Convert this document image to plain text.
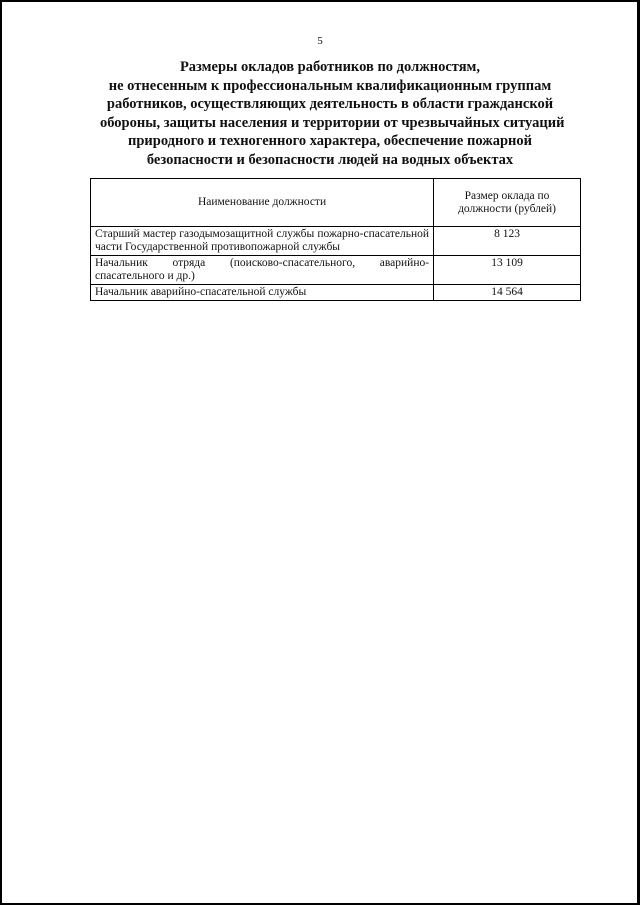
5
Размеры окладов работников по должностям,
не отнесенным к профессиональным квалификационным группам
работников, осуществляющих деятельность в области гражданской
обороны, защиты населения и территории от чрезвычайных ситуаций
природного и техногенного характера, обеспечение пожарной
безопасности и безопасности людей на водных объектах
Наименование должности	Размер оклада по должности (рублей)
Старший мастер газодымозащитной службы пожарно-спасательной части Государственной противопожарной службы	8 123
Начальник отряда (поисково-спасательного, аварийно-спасательного и др.)	13 109
Начальник аварийно-спасательной службы	14 564
